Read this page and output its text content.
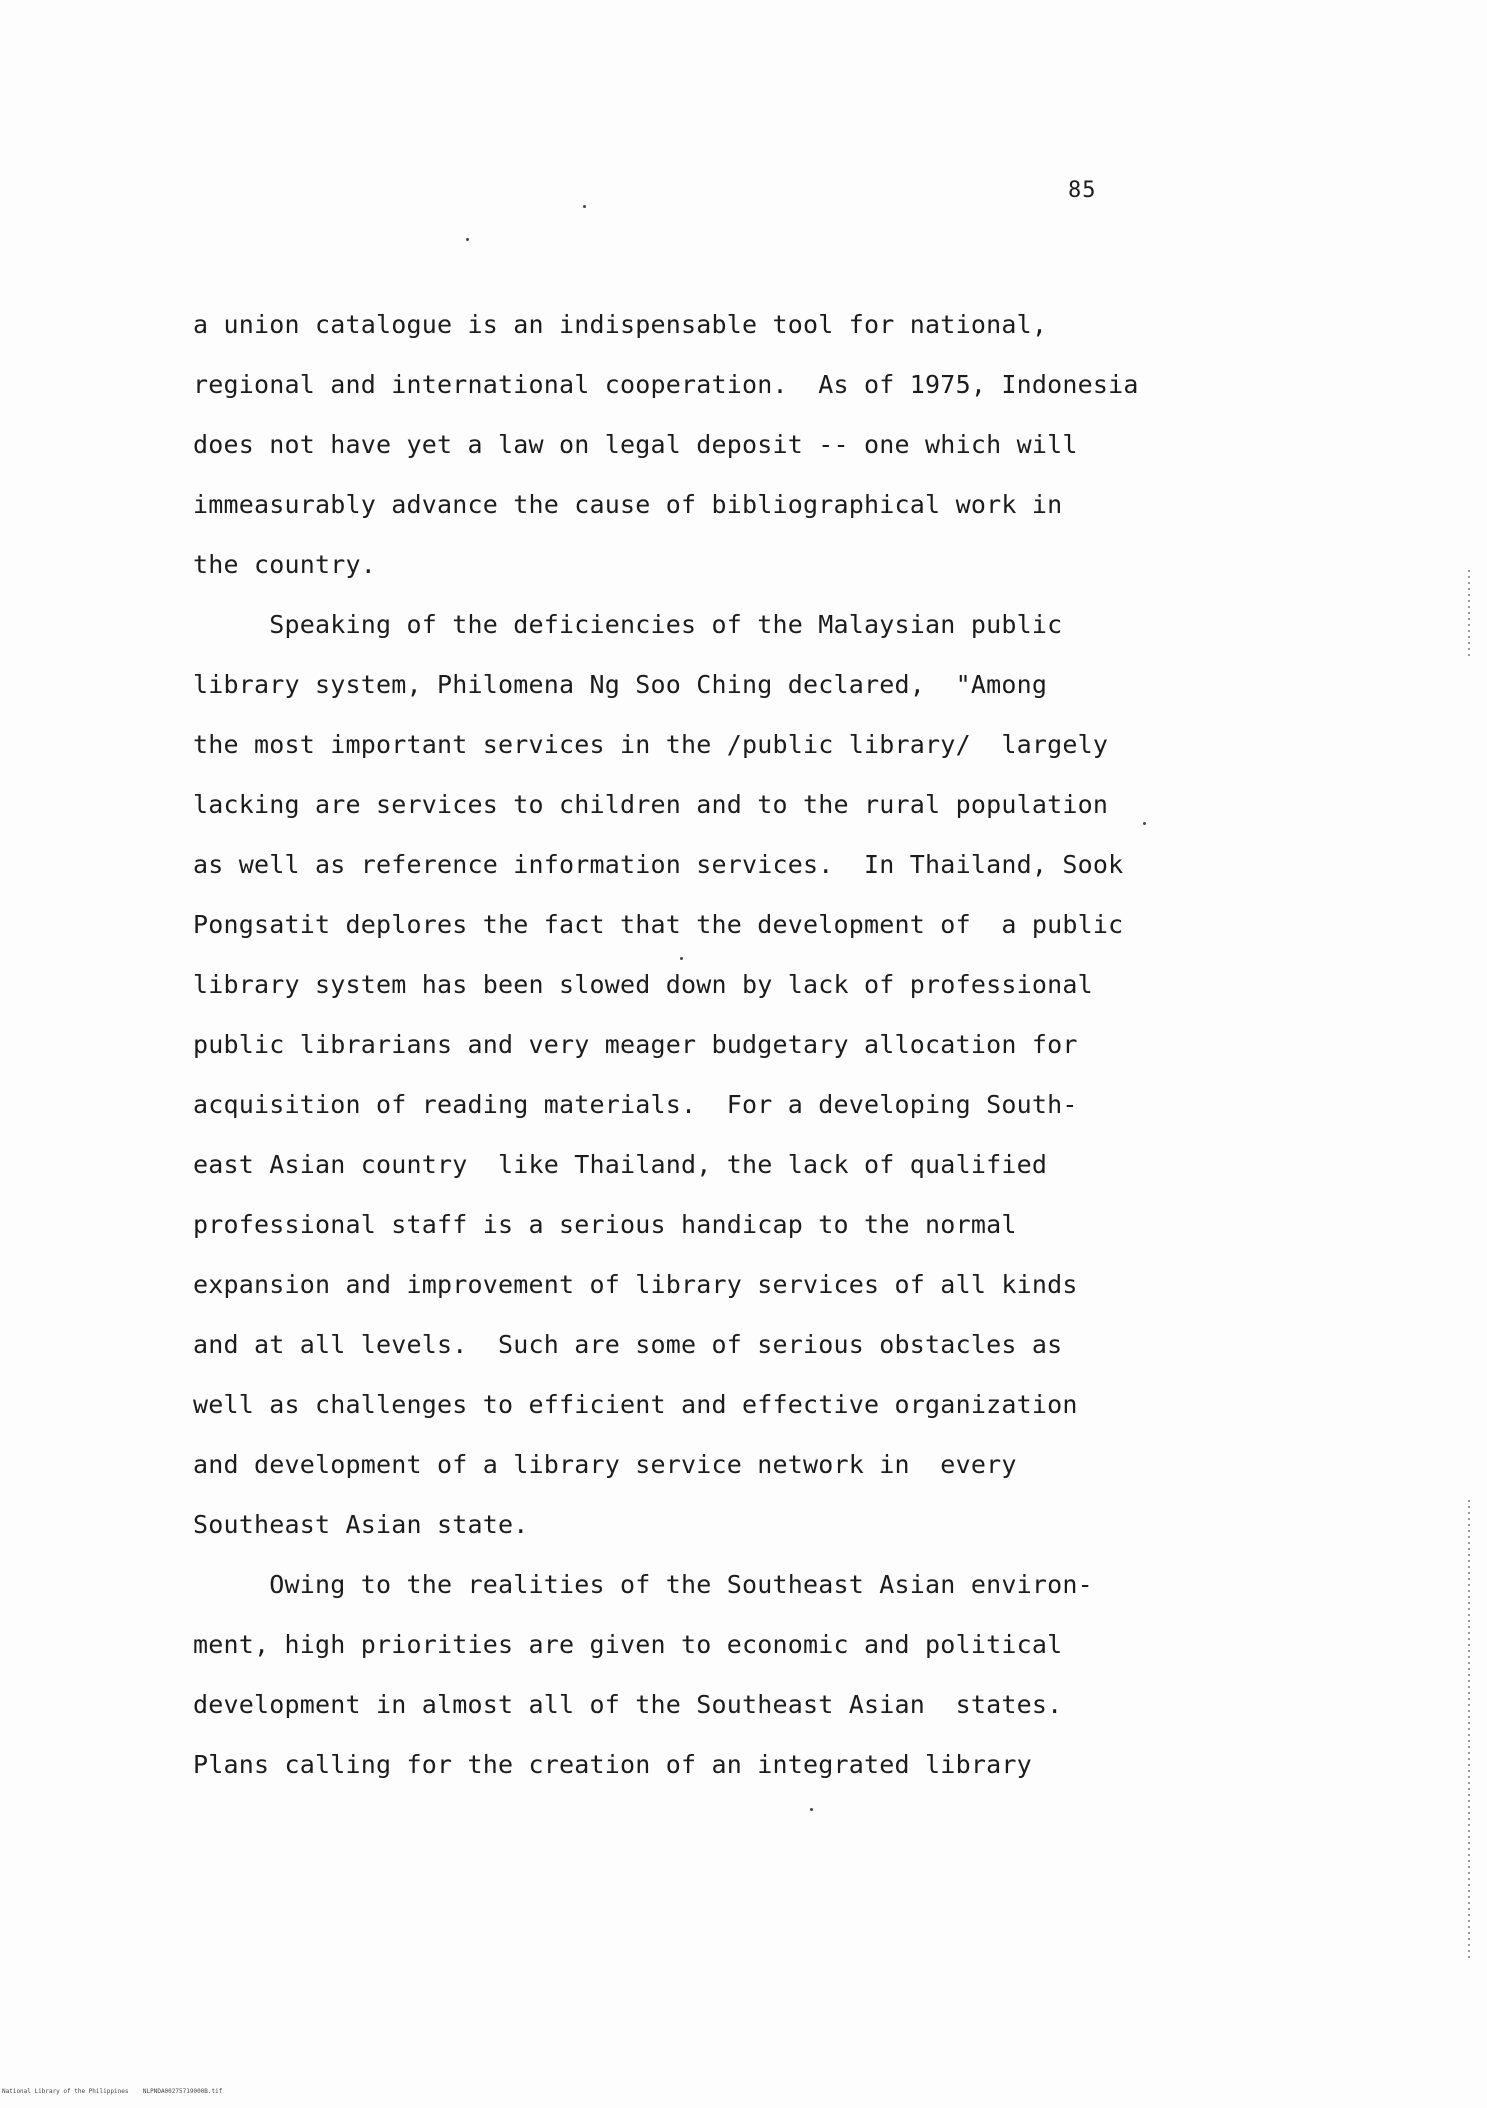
85
a union catalogue is an indispensable tool for national,
regional and international cooperation.  As of 1975, Indonesia
does not have yet a law on legal deposit -- one which will
immeasurably advance the cause of bibliographical work in
the country.
Speaking of the deficiencies of the Malaysian public
library system, Philomena Ng Soo Ching declared,  "Among
the most important services in the /public library/  largely
lacking are services to children and to the rural population
as well as reference information services.  In Thailand, Sook
Pongsatit deplores the fact that the development of  a public
library system has been slowed down by lack of professional
public librarians and very meager budgetary allocation for
acquisition of reading materials.  For a developing South-
east Asian country  like Thailand, the lack of qualified
professional staff is a serious handicap to the normal
expansion and improvement of library services of all kinds
and at all levels.  Such are some of serious obstacles as
well as challenges to efficient and effective organization
and development of a library service network in  every
Southeast Asian state.
Owing to the realities of the Southeast Asian environ-
ment, high priorities are given to economic and political
development in almost all of the Southeast Asian  states.
Plans calling for the creation of an integrated library
National Library of the Philippines    NLPNDA00275719000B.tif
